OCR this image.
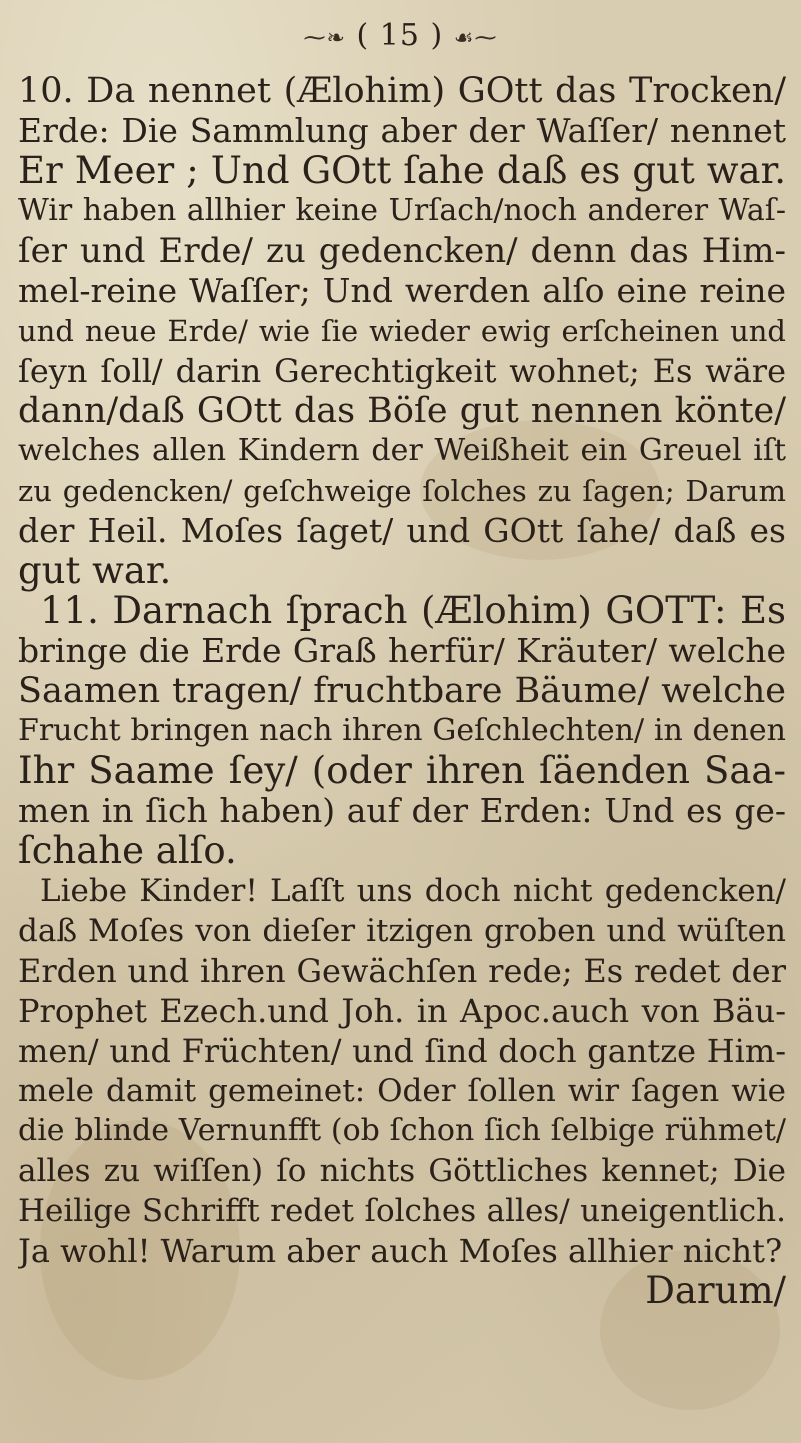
⁓❧ ( 15 ) ☙⁓
10. Da nennet (Ælohim) GOtt das Trocken/
Erde: Die Sammlung aber der Waſſer/ nennet
Er Meer ; Und GOtt ſahe daß es gut war.
Wir haben allhier keine Urſach/noch anderer Waſ-
ſer und Erde/ zu gedencken/ denn das Him-
mel-reine Waſſer; Und werden alſo eine reine
und neue Erde/ wie ſie wieder ewig erſcheinen und
ſeyn ſoll/ darin Gerechtigkeit wohnet; Es wäre
dann/daß GOtt das Böſe gut nennen könte/
welches allen Kindern der Weißheit ein Greuel iſt
zu gedencken/ geſchweige ſolches zu ſagen; Darum
der Heil. Moſes ſaget/ und GOtt ſahe/ daß es
gut war.
11. Darnach ſprach (Ælohim) GOTT: Es
bringe die Erde Graß herfür/ Kräuter/ welche
Saamen tragen/ fruchtbare Bäume/ welche
Frucht bringen nach ihren Geſchlechten/ in denen
Ihr Saame ſey/ (oder ihren ſäenden Saa-
men in ſich haben) auf der Erden: Und es ge-
ſchahe alſo.
Liebe Kinder! Laſſt uns doch nicht gedencken/
daß Moſes von dieſer itzigen groben und wüſten
Erden und ihren Gewächſen rede; Es redet der
Prophet Ezech.und Joh. in Apoc.auch von Bäu-
men/ und Früchten/ und ſind doch gantze Him-
mele damit gemeinet: Oder ſollen wir ſagen wie
die blinde Vernunfft (ob ſchon ſich ſelbige rühmet/
alles zu wiſſen) ſo nichts Göttliches kennet; Die
Heilige Schrifft redet ſolches alles/ uneigentlich.
Ja wohl! Warum aber auch Moſes allhier nicht?
Darum/
